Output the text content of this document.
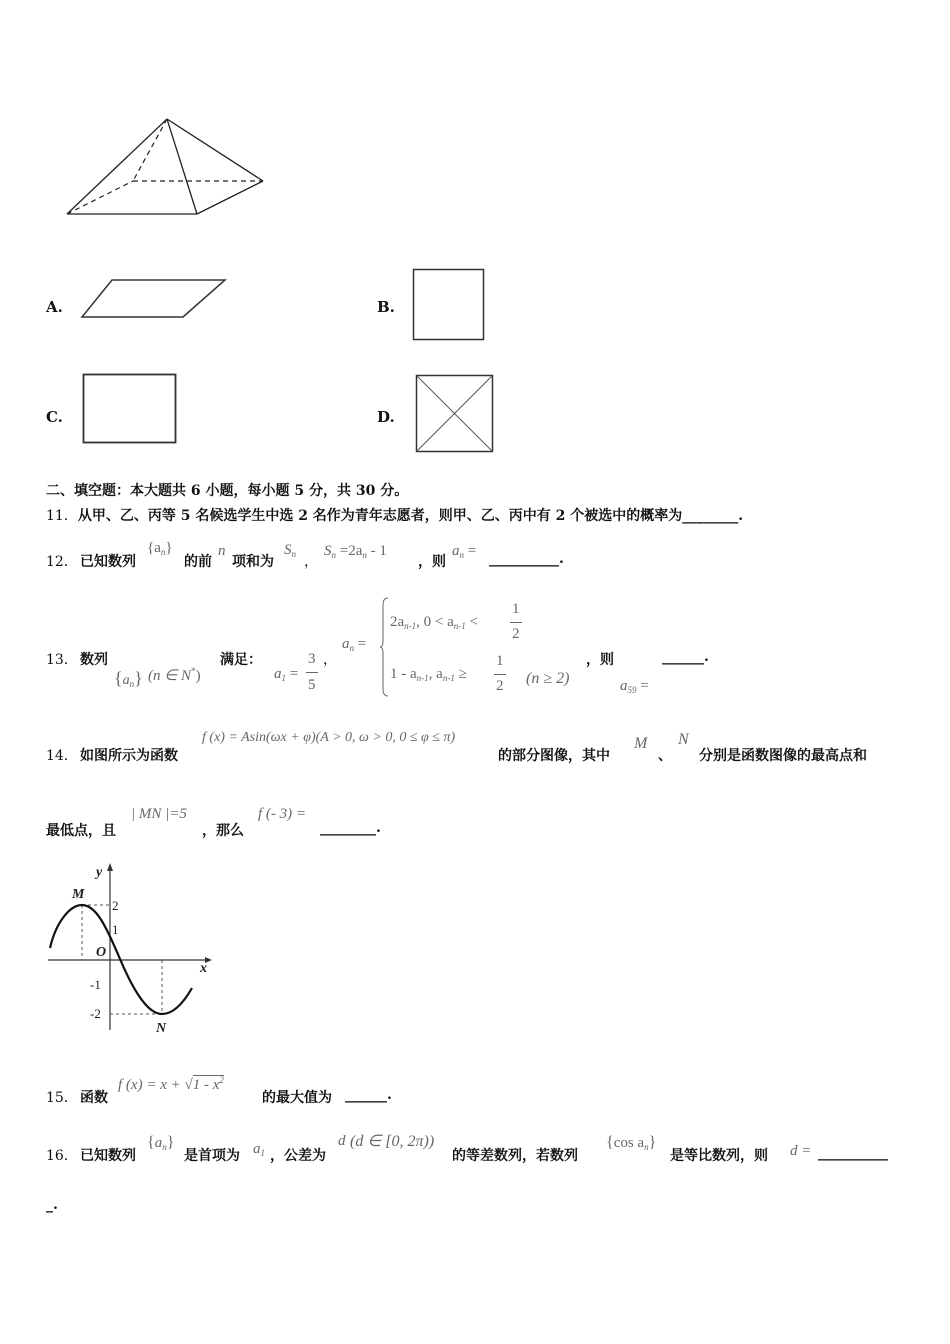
A.	B.
C.	D.
二、填空题：本大题共 6 小题，每小题 5 分，共 30 分。
11．从甲、乙、丙等 5 名候选学生中选 2 名作为青年志愿者，则甲、乙、丙中有 2 个被选中的概率为________.
12． 已知数列
$\{a_n\}$
的前
n
项和为
$S_n$ ，
$S_n =2a_n - 1$
，则
$a_n$ = __________.
13． 数列
$\{a_n\}$ (n ∈ N*)
满足：
$a_1$ =
3
5
，
$a_n$ =
$2a_{n-1}$, $0 < a_{n-1}$ <
1
2
$1 - a_{n-1}$, $a_{n-1}$ ≥
1
2 (n ≥ 2)
，则
$a_{59}$ =
______.
14． 如图所示为函数
f (x) = Asin(ωx + φ)(A > 0, ω > 0, 0 ≤ φ ≤ π)
的部分图像，其中
M
、
N
分别是函数图像的最高点和
最低点，且
| MN |=5
，那么
f (- 3) =
________.
y
x
M
N
O
2
1
-1
-2
15． 函数
f $(x) = x + √1 - x^2$
的最大值为 ______.
16． 已知数列
$\{a_n\}$
是首项为 $a_1$ ，公差为
d (d ∈ [0, 2π))
的等差数列，若数列
{cos $a_n$}
是等比数列，则 d = __________
_.
